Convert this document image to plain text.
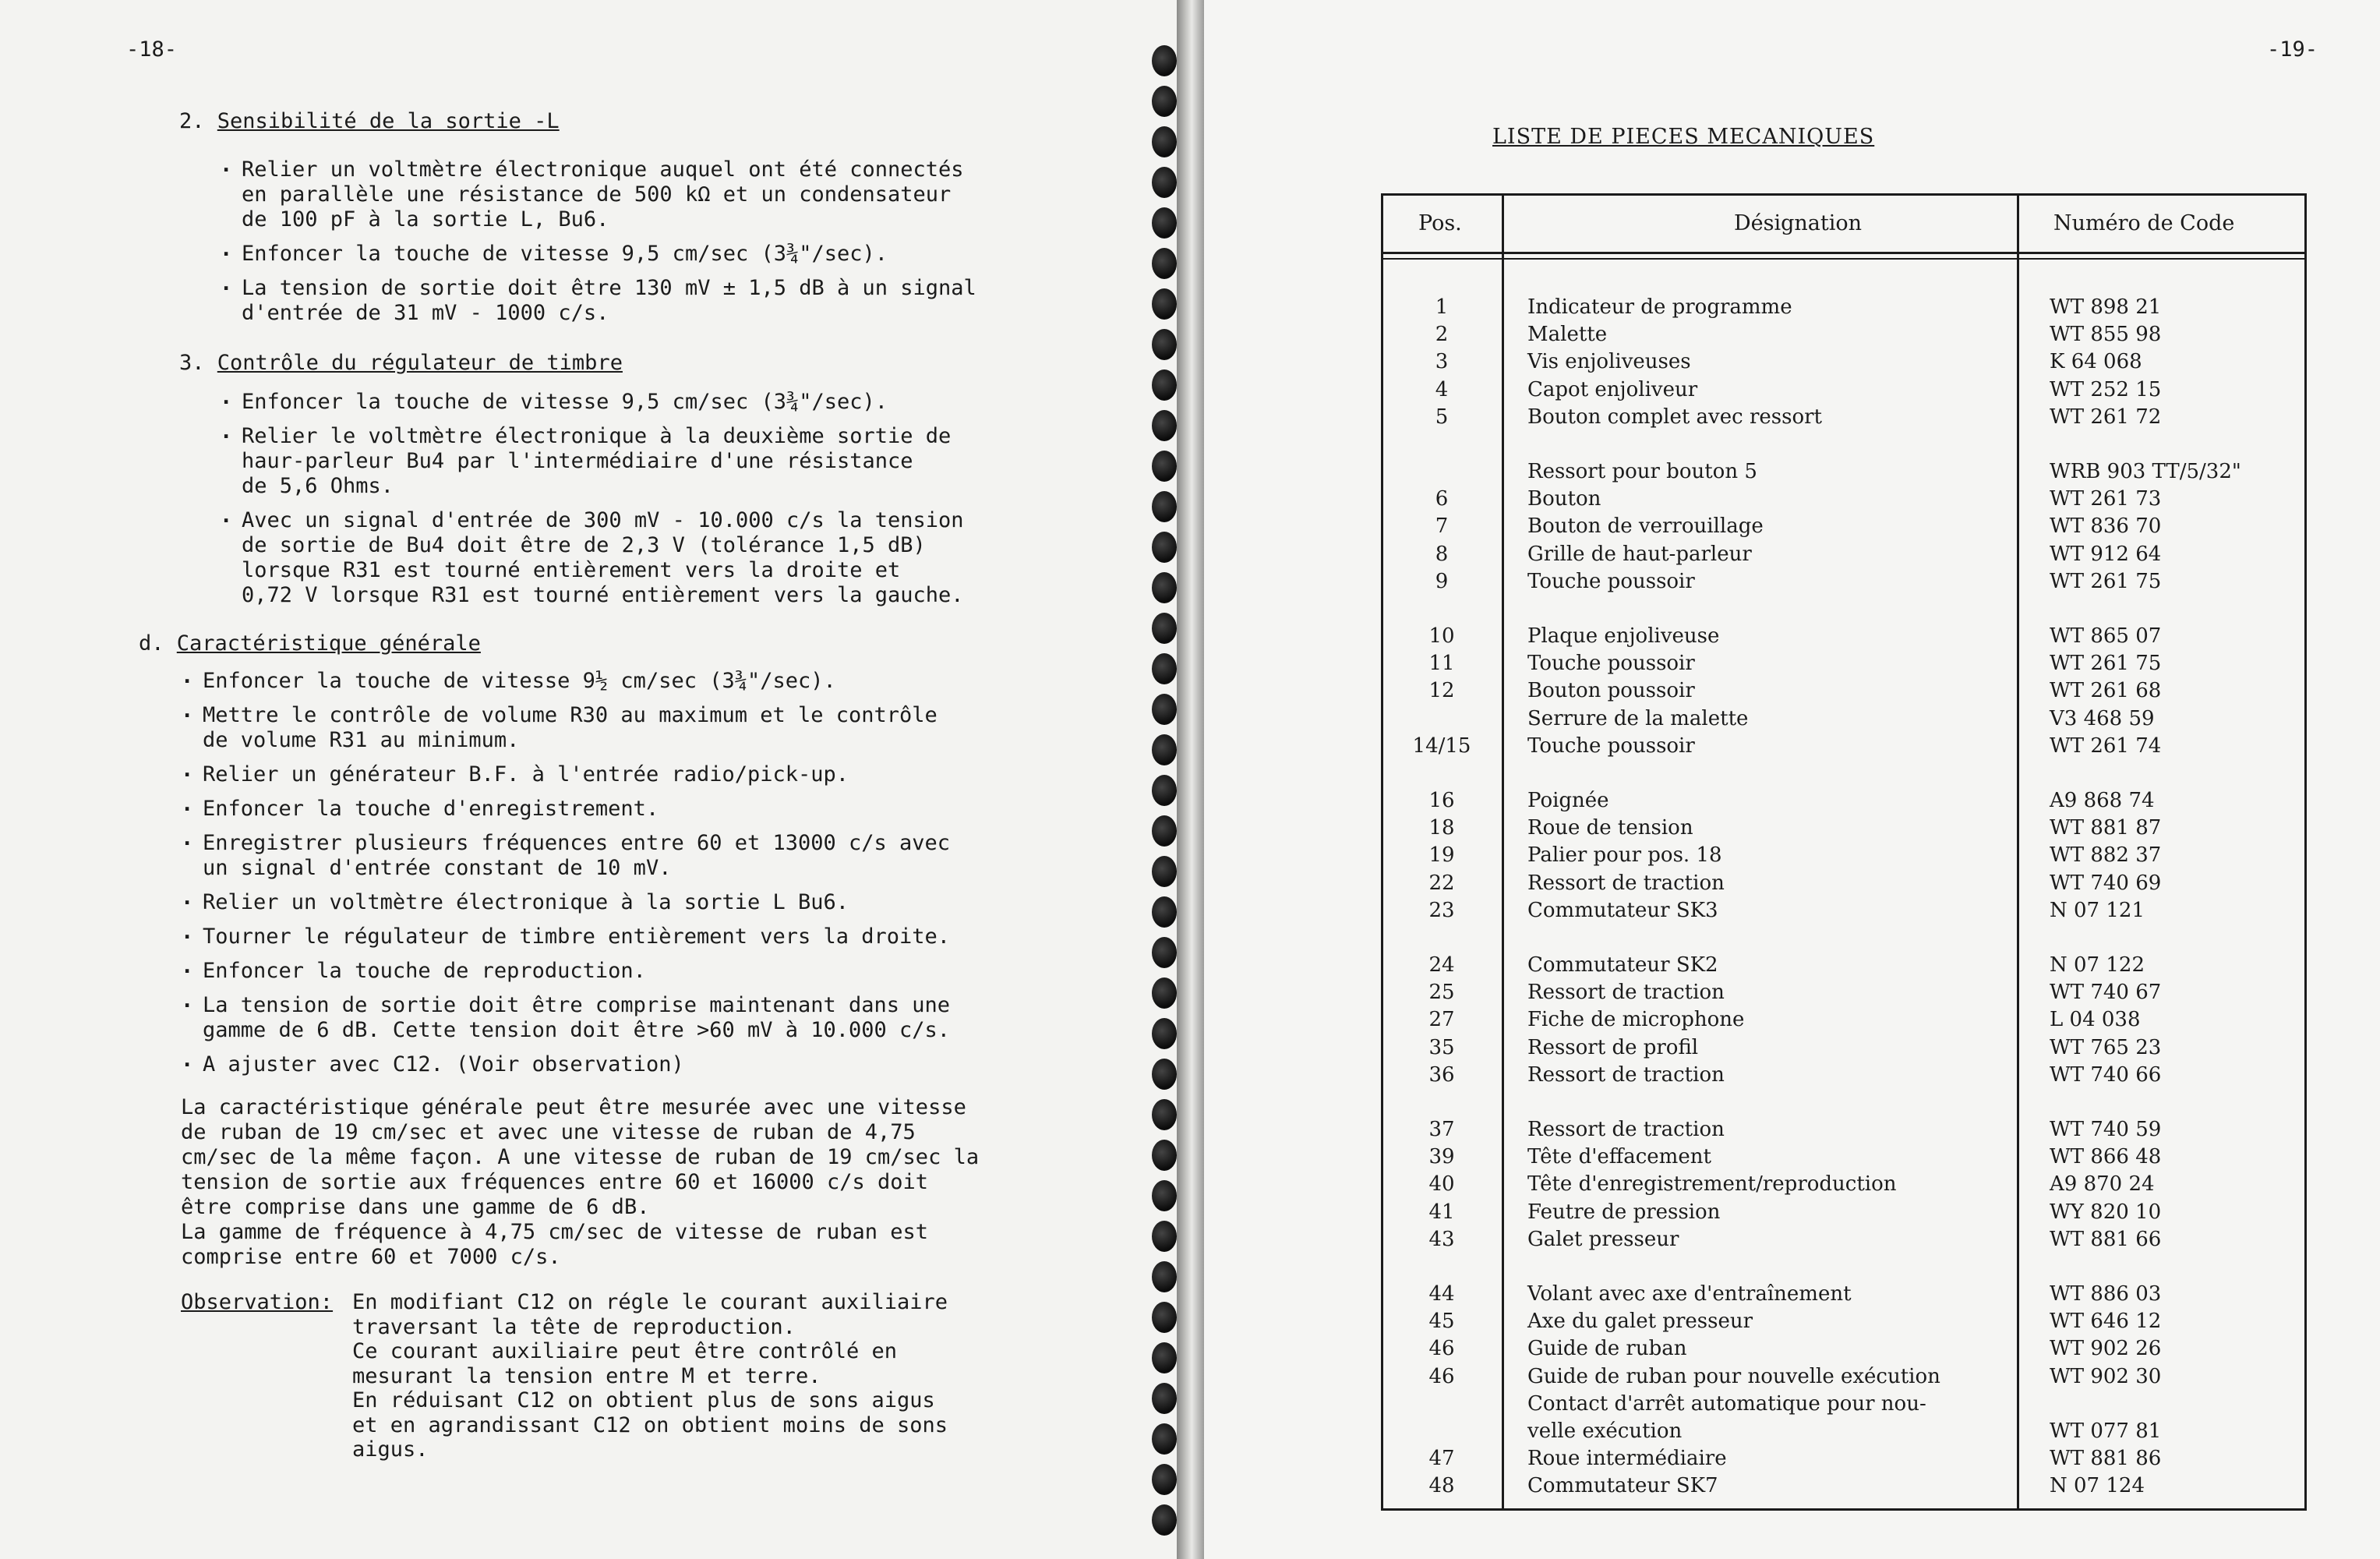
-18-
2. Sensibilité de la sortie -L
. Relier un voltmètre électronique auquel ont été connectés
en parallèle une résistance de 500 kΩ et un condensateur
de 100 pF à la sortie L, Bu6.
. Enfoncer la touche de vitesse 9,5 cm/sec (3¾"/sec).
. La tension de sortie doit être 130 mV ± 1,5 dB à un signal
d'entrée de 31 mV - 1000 c/s.
3. Contrôle du régulateur de timbre
. Enfoncer la touche de vitesse 9,5 cm/sec (3¾"/sec).
. Relier le voltmètre électronique à la deuxième sortie de
haur-parleur Bu4 par l'intermédiaire d'une résistance
de 5,6 Ohms.
. Avec un signal d'entrée de 300 mV - 10.000 c/s la tension
de sortie de Bu4 doit être de 2,3 V (tolérance 1,5 dB)
lorsque R31 est tourné entièrement vers la droite et
0,72 V lorsque R31 est tourné entièrement vers la gauche.
d. Caractéristique générale
. Enfoncer la touche de vitesse 9½ cm/sec (3¾"/sec).
. Mettre le contrôle de volume R30 au maximum et le contrôle
de volume R31 au minimum.
. Relier un générateur B.F. à l'entrée radio/pick-up.
. Enfoncer la touche d'enregistrement.
. Enregistrer plusieurs fréquences entre 60 et 13000 c/s avec
un signal d'entrée constant de 10 mV.
. Relier un voltmètre électronique à la sortie L Bu6.
. Tourner le régulateur de timbre entièrement vers la droite.
. Enfoncer la touche de reproduction.
. La tension de sortie doit être comprise maintenant dans une
gamme de 6 dB. Cette tension doit être >60 mV à 10.000 c/s.
. A ajuster avec C12. (Voir observation)
La caractéristique générale peut être mesurée avec une vitesse
de ruban de 19 cm/sec et avec une vitesse de ruban de 4,75
cm/sec de la même façon. A une vitesse de ruban de 19 cm/sec la
tension de sortie aux fréquences entre 60 et 16000 c/s doit
être comprise dans une gamme de 6 dB.
La gamme de fréquence à 4,75 cm/sec de vitesse de ruban est
comprise entre 60 et 7000 c/s.
Observation: En modifiant C12 on régle le courant auxiliaire
traversant la tête de reproduction.
Ce courant auxiliaire peut être contrôlé en
mesurant la tension entre M et terre.
En réduisant C12 on obtient plus de sons aigus
et en agrandissant C12 on obtient moins de sons
aigus.
-19-
LISTE DE PIECES MECANIQUES
Pos.	Désignation	Numéro de Code
1	Indicateur de programme	WT 898 21
2	Malette	WT 855 98
3	Vis enjoliveuses	K 64 068
4	Capot enjoliveur	WT 252 15
5	Bouton complet avec ressort	WT 261 72
Ressort pour bouton 5	WRB 903 TT/5/32"
6	Bouton	WT 261 73
7	Bouton de verrouillage	WT 836 70
8	Grille de haut-parleur	WT 912 64
9	Touche poussoir	WT 261 75
10	Plaque enjoliveuse	WT 865 07
11	Touche poussoir	WT 261 75
12	Bouton poussoir	WT 261 68
Serrure de la malette	V3 468 59
14/15	Touche poussoir	WT 261 74
16	Poignée	A9 868 74
18	Roue de tension	WT 881 87
19	Palier pour pos. 18	WT 882 37
22	Ressort de traction	WT 740 69
23	Commutateur SK3	N 07 121
24	Commutateur SK2	N 07 122
25	Ressort de traction	WT 740 67
27	Fiche de microphone	L 04 038
35	Ressort de profil	WT 765 23
36	Ressort de traction	WT 740 66
37	Ressort de traction	WT 740 59
39	Tête d'effacement	WT 866 48
40	Tête d'enregistrement/reproduction	A9 870 24
41	Feutre de pression	WY 820 10
43	Galet presseur	WT 881 66
44	Volant avec axe d'entraînement	WT 886 03
45	Axe du galet presseur	WT 646 12
46	Guide de ruban	WT 902 26
46	Guide de ruban pour nouvelle exécution	WT 902 30
Contact d'arrêt automatique pour nou-
velle exécution	WT 077 81
47	Roue intermédiaire	WT 881 86
48	Commutateur SK7	N 07 124
